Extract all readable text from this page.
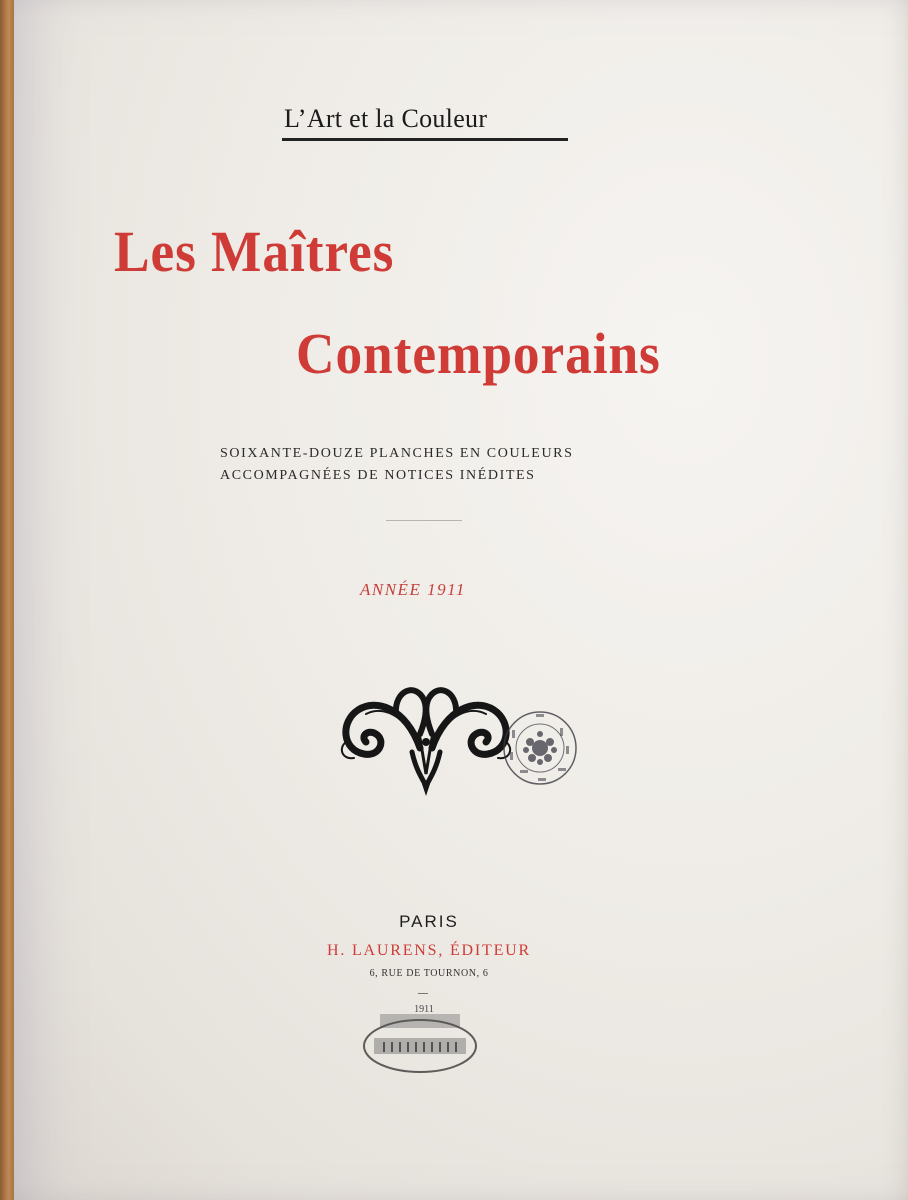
L’Art et la Couleur

Les Maîtres

Contemporains

SOIXANTE-DOUZE PLANCHES EN COULEURS

ACCOMPAGNÉES DE NOTICES INÉDITES

ANNÉE 1911

PARIS

H. LAURENS, ÉDITEUR

6, RUE DE TOURNON, 6

1911
